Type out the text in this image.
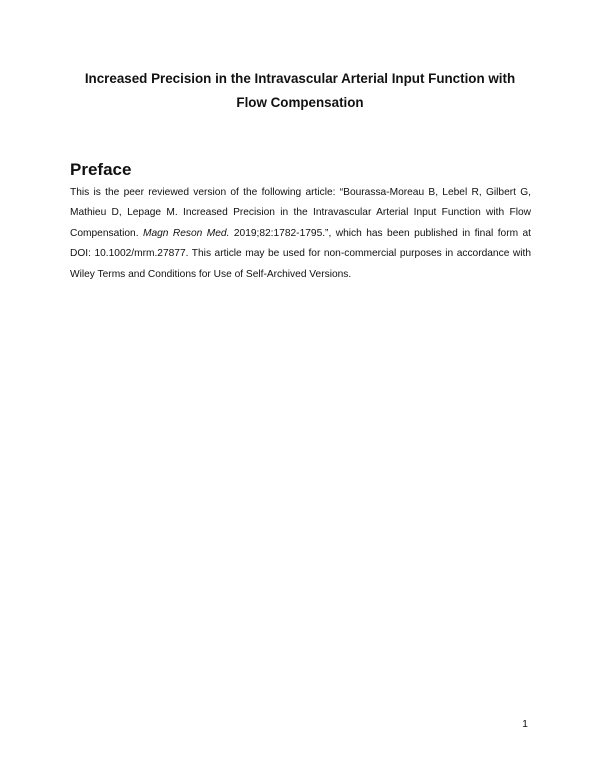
Increased Precision in the Intravascular Arterial Input Function with
Flow Compensation
Preface
This is the peer reviewed version of the following article: “Bourassa-Moreau B, Lebel R, Gilbert G, Mathieu D, Lepage M. Increased Precision in the Intravascular Arterial Input Function with Flow Compensation. Magn Reson Med. 2019;82:1782-1795.”, which has been published in final form at DOI: 10.1002/mrm.27877. This article may be used for non-commercial purposes in accordance with Wiley Terms and Conditions for Use of Self-Archived Versions.
1
